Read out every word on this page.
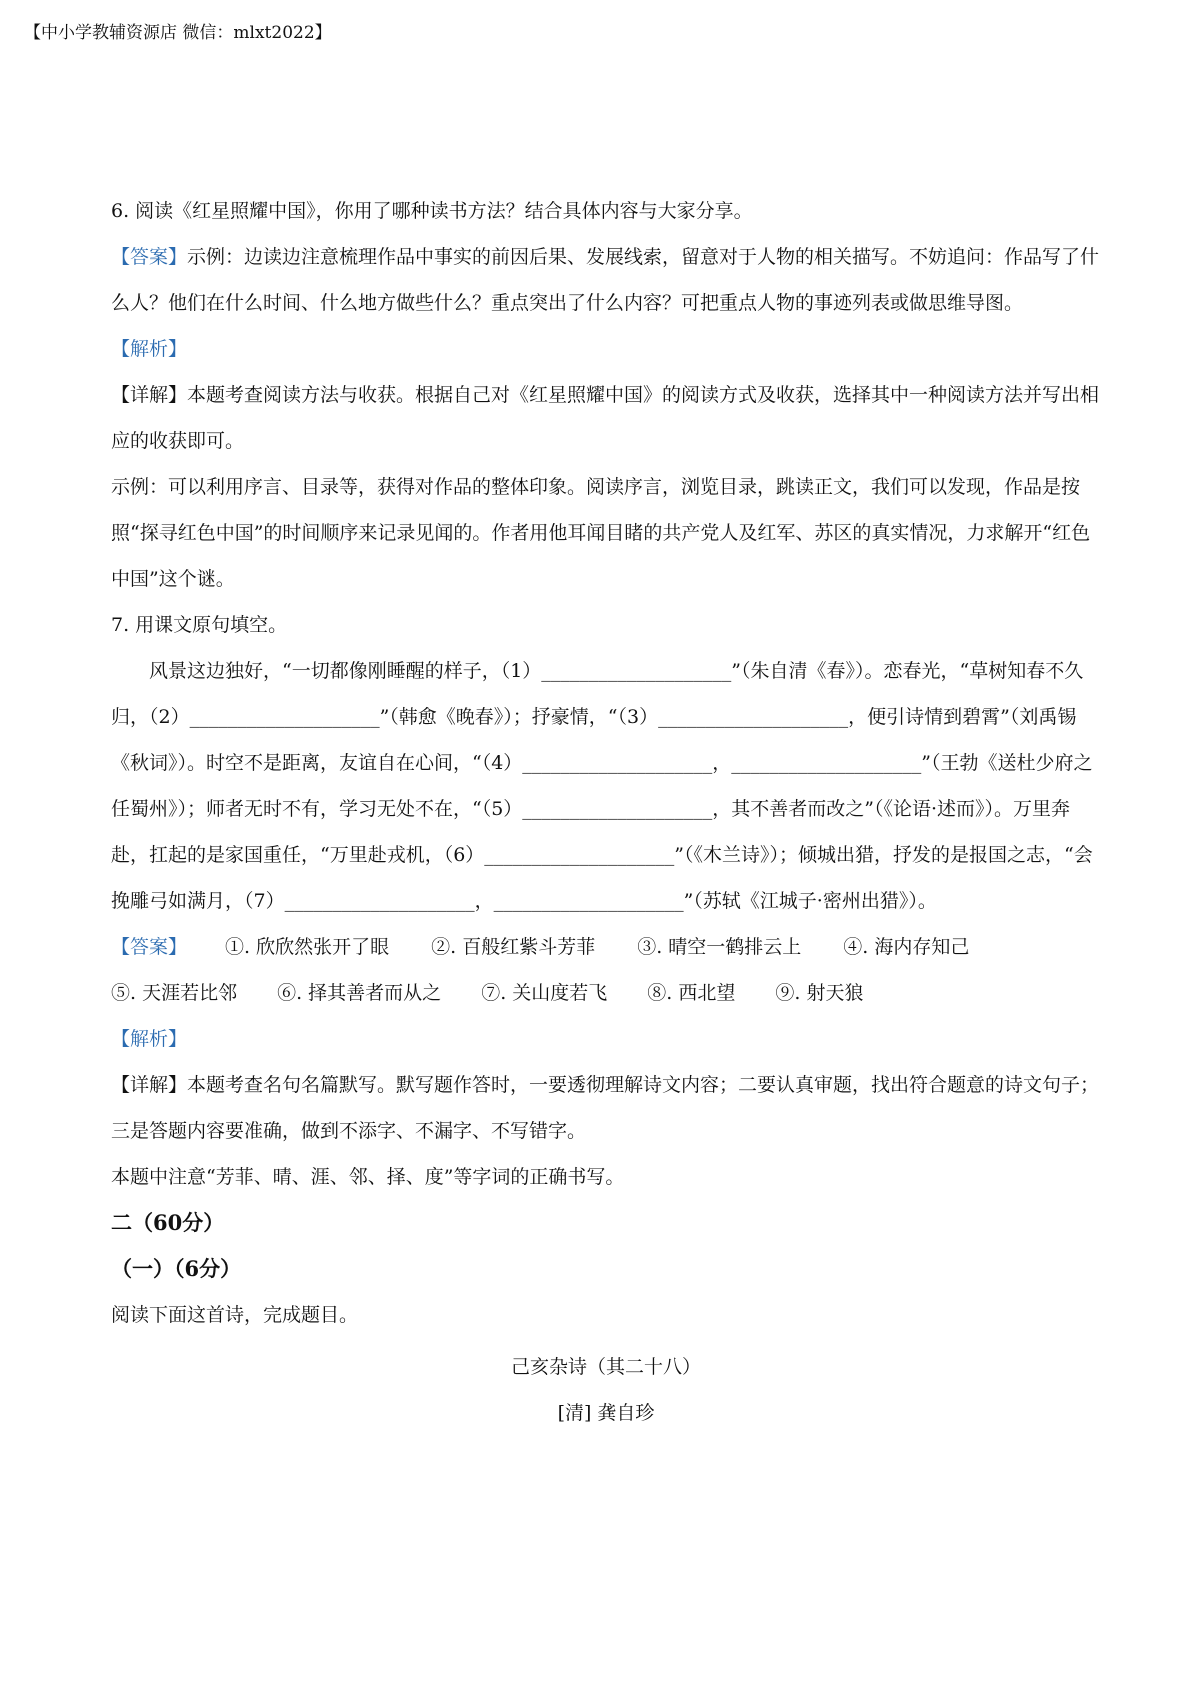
【中小学教辅资源店 微信：mlxt2022】

6. 阅读《红星照耀中国》，你用了哪种读书方法？结合具体内容与大家分享。

【答案】示例：边读边注意梳理作品中事实的前因后果、发展线索，留意对于人物的相关描写。不妨追问：作品写了什么人？他们在什么时间、什么地方做些什么？重点突出了什么内容？可把重点人物的事迹列表或做思维导图。

【解析】

【详解】本题考查阅读方法与收获。根据自己对《红星照耀中国》的阅读方式及收获，选择其中一种阅读方法并写出相应的收获即可。

示例：可以利用序言、目录等，获得对作品的整体印象。阅读序言，浏览目录，跳读正文，我们可以发现，作品是按照“探寻红色中国”的时间顺序来记录见闻的。作者用他耳闻目睹的共产党人及红军、苏区的真实情况，力求解开“红色中国”这个谜。

7. 用课文原句填空。

风景这边独好，“一切都像刚睡醒的样子，（1）____________________”（朱自清《春》）。恋春光，“草树知春不久归，（2）____________________”（韩愈《晚春》）；抒豪情，“（3）____________________，便引诗情到碧霄”（刘禹锡《秋词》）。时空不是距离，友谊自在心间，“（4）____________________，____________________”（王勃《送杜少府之任蜀州》）；师者无时不有，学习无处不在，“（5）____________________，其不善者而改之”（《论语·述而》）。万里奔赴，扛起的是家国重任，“万里赴戎机，（6）____________________”（《木兰诗》）；倾城出猎，抒发的是报国之志，“会挽雕弓如满月，（7）____________________，____________________”（苏轼《江城子·密州出猎》）。

【答案】 ①. 欣欣然张开了眼 ②. 百般红紫斗芳菲 ③. 晴空一鹤排云上 ④. 海内存知己 ⑤. 天涯若比邻 ⑥. 择其善者而从之 ⑦. 关山度若飞 ⑧. 西北望 ⑨. 射天狼

【解析】

【详解】本题考查名句名篇默写。默写题作答时，一要透彻理解诗文内容；二要认真审题，找出符合题意的诗文句子；三是答题内容要准确，做到不添字、不漏字、不写错字。

本题中注意“芳菲、晴、涯、邻、择、度”等字词的正确书写。

二（60分）

（一）（6分）

阅读下面这首诗，完成题目。

己亥杂诗（其二十八）

[清] 龚自珍
